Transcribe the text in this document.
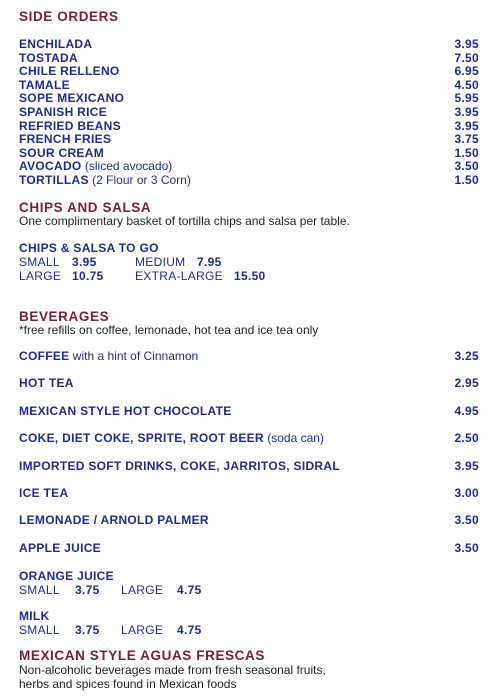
SIDE ORDERS
ENCHILADA	3.95
TOSTADA	7.50
CHILE RELLENO	6.95
TAMALE	4.50
SOPE MEXICANO	5.95
SPANISH RICE	3.95
REFRIED BEANS	3.95
FRENCH FRIES	3.75
SOUR CREAM	1.50
AVOCADO (sliced avocado)	3.50
TORTILLAS (2 Flour or 3 Corn)	1.50
CHIPS AND SALSA
One complimentary basket of tortilla chips and salsa per table.
CHIPS & SALSA TO GO
SMALL 3.95	MEDIUM 7.95
LARGE 10.75	EXTRA-LARGE 15.50
BEVERAGES
*free refills on coffee, lemonade, hot tea and ice tea only
COFFEE with a hint of Cinnamon	3.25
HOT TEA	2.95
MEXICAN STYLE HOT CHOCOLATE	4.95
COKE, DIET COKE, SPRITE, ROOT BEER (soda can)	2.50
IMPORTED SOFT DRINKS, COKE, JARRITOS, SIDRAL	3.95
ICE TEA	3.00
LEMONADE / ARNOLD PALMER	3.50
APPLE JUICE	3.50
ORANGE JUICE
SMALL 3.75 LARGE 4.75
MILK
SMALL 3.75 LARGE 4.75
MEXICAN STYLE AGUAS FRESCAS
Non-alcoholic beverages made from fresh seasonal fruits,
herbs and spices found in Mexican foods
